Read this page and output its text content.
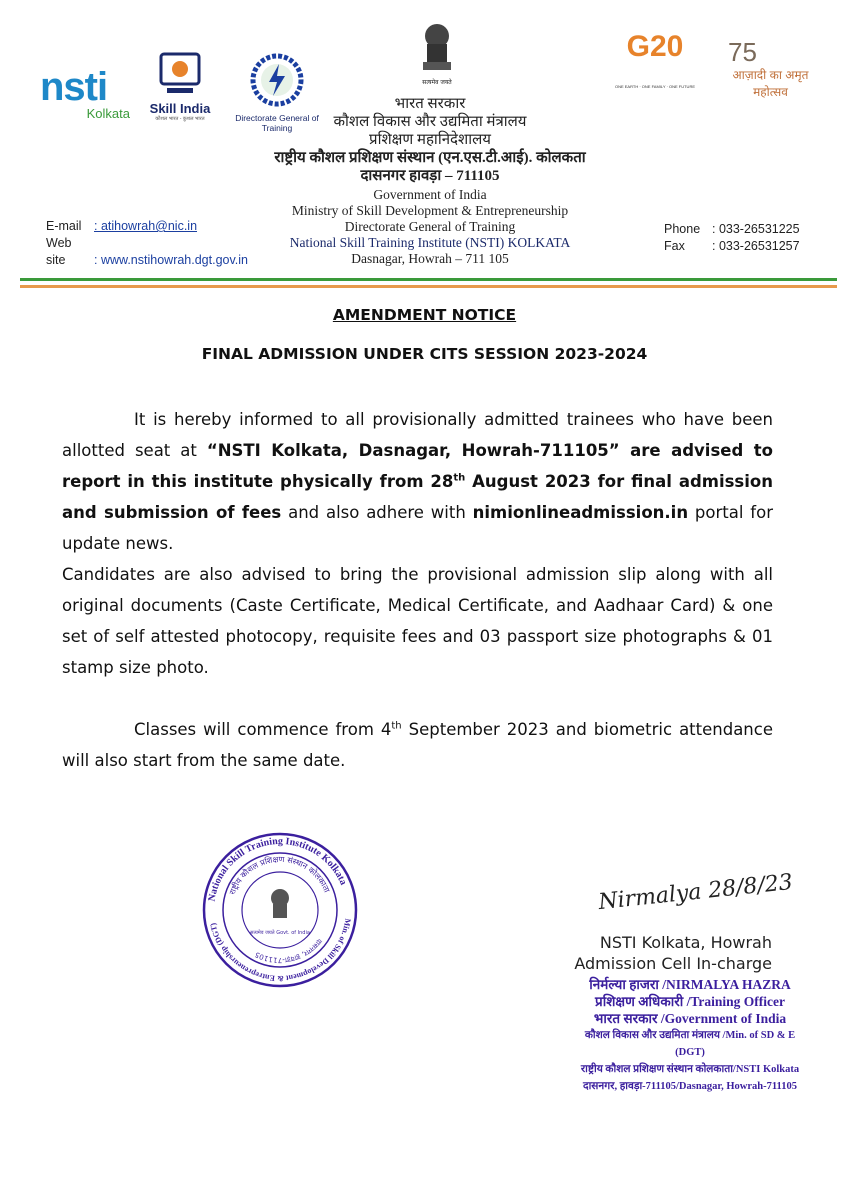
nsti
Kolkata	Skill India
कौशल भारत - कुशल भारत	Directorate General of Training
सत्यमेव जयते
G20
ONE EARTH · ONE FAMILY · ONE FUTURE
75
आज़ादी का अमृत महोत्सव
भारत सरकार
कौशल विकास और उद्यमिता मंत्रालय
प्रशिक्षण महानिदेशालय
राष्ट्रीय कौशल प्रशिक्षण संस्थान (एन.एस.टी.आई). कोलकता
दासनगर हावड़ा – 711105
Government of India
Ministry of Skill Development & Entrepreneurship
Directorate General of Training
National Skill Training Institute (NSTI) KOLKATA
Dasnagar, Howrah – 711 105
E-mail : atihowrah@nic.in
Web site : www.nstihowrah.dgt.gov.in
Phone : 033-26531225
Fax : 033-26531257
AMENDMENT NOTICE
FINAL ADMISSION UNDER CITS SESSION 2023-2024

It is hereby informed to all provisionally admitted trainees who have been allotted seat at “NSTI Kolkata, Dasnagar, Howrah-711105” are advised to report in this institute physically from 28th August 2023 for final admission and submission of fees and also adhere with nimionlineadmission.in portal for update news.

Candidates are also advised to bring the provisional admission slip along with all original documents (Caste Certificate, Medical Certificate, and Aadhaar Card) & one set of self attested photocopy, requisite fees and 03 passport size photographs & 01 stamp size photo.

Classes will commence from 4th September 2023 and biometric attendance will also start from the same date.

National Skill Training Institute Kolkata
Min. of Skill Development & Entrepreneurship (DGT)
राष्ट्रीय कौशल प्रशिक्षण संस्थान कोलकाता
दासनगर, हावड़ा-711105
सत्यमेव जयते Govt. of India
Nirmalya 28/8/23
NSTI Kolkata, Howrah
Admission Cell In-charge
निर्मल्या हाजरा /NIRMALYA HAZRA
प्रशिक्षण अधिकारी /Training Officer
भारत सरकार /Government of India
कौशल विकास और उद्यमिता मंत्रालय /Min. of SD & E (DGT)
राष्ट्रीय कौशल प्रशिक्षण संस्थान कोलकाता/NSTI Kolkata
दासनगर, हावड़ा-711105/Dasnagar, Howrah-711105
